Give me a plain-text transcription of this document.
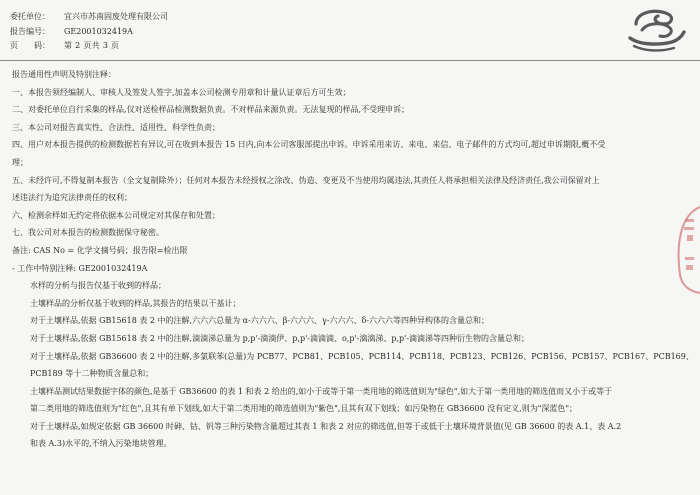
委托单位：	宜兴市苏南固废处理有限公司
报告编号：	GE2001032419A
页　　码：	第 2 页共 3 页
报告通用性声明及特别注释：
一、本报告须经编制人、审核人及签发人签字,加盖本公司检测专用章和计量认证章后方可生效；
二、对委托单位自行采集的样品,仅对送检样品检测数据负责。不对样品来源负责。无法复现的样品,不受理申诉；
三、本公司对报告真实性、合法性、适用性、科学性负责；
四、用户对本报告提供的检测数据若有异议,可在收到本报告 15 日内,向本公司客服部提出申诉。申诉采用来访、来电、来信、电子邮件的方式均可,超过申诉期限,概不受
理；
五、未经许可,不得复制本报告（全文复制除外）；任何对本报告未经授权之涂改、伪造、变更及不当使用均属违法,其责任人将承担相关法律及经济责任,我公司保留对上
述违法行为追究法律责任的权利；
六、检测余样如无约定将依据本公司规定对其保存和处置；
七、我公司对本报告的检测数据保守秘密。
备注: CAS No = 化学文摘号码；报告限=检出限
- 工作中特别注释: GE2001032419A
水样的分析与报告仅基于收到的样品；
土壤样品的分析仅基于收到的样品,其报告的结果以干基计；
对于土壤样品,依据 GB15618 表 2 中的注解,六六六总量为 α-六六六、β-六六六、γ-六六六、δ-六六六等四种异构体的含量总和；
对于土壤样品,依据 GB15618 表 2 中的注解,滴滴涕总量为 p,p'-滴滴伊、p,p'-滴滴滴、o,p'-滴滴涕、p,p'-滴滴涕等四种衍生物的含量总和；
对于土壤样品,依据 GB36600 表 2 中的注解,多氯联苯(总量)为 PCB77、PCB81、PCB105、PCB114、PCB118、PCB123、PCB126、PCB156、PCB157、PCB167、PCB169、
PCB189 等十二种物质含量总和；
土壤样品测试结果数据字体的颜色,是基于 GB36600 的表 1 和表 2 给出的,如小于或等于第一类用地的筛选值则为"绿色",如大于第一类用地的筛选值而又小于或等于
第二类用地的筛选值则为"红色",且其有单下划线,如大于第二类用地的筛选值则为"紫色",且其有双下划线；如污染物在 GB36600 没有定义,则为"深蓝色"；
对于土壤样品,如规定依据 GB 36600 时砷、钴、钒等三种污染物含量超过其表 1 和表 2 对应的筛选值,但等于或低于土壤环境背景值(见 GB 36600 的表 A.1、表 A.2
和表 A.3)水平的,不纳入污染地块管理。
